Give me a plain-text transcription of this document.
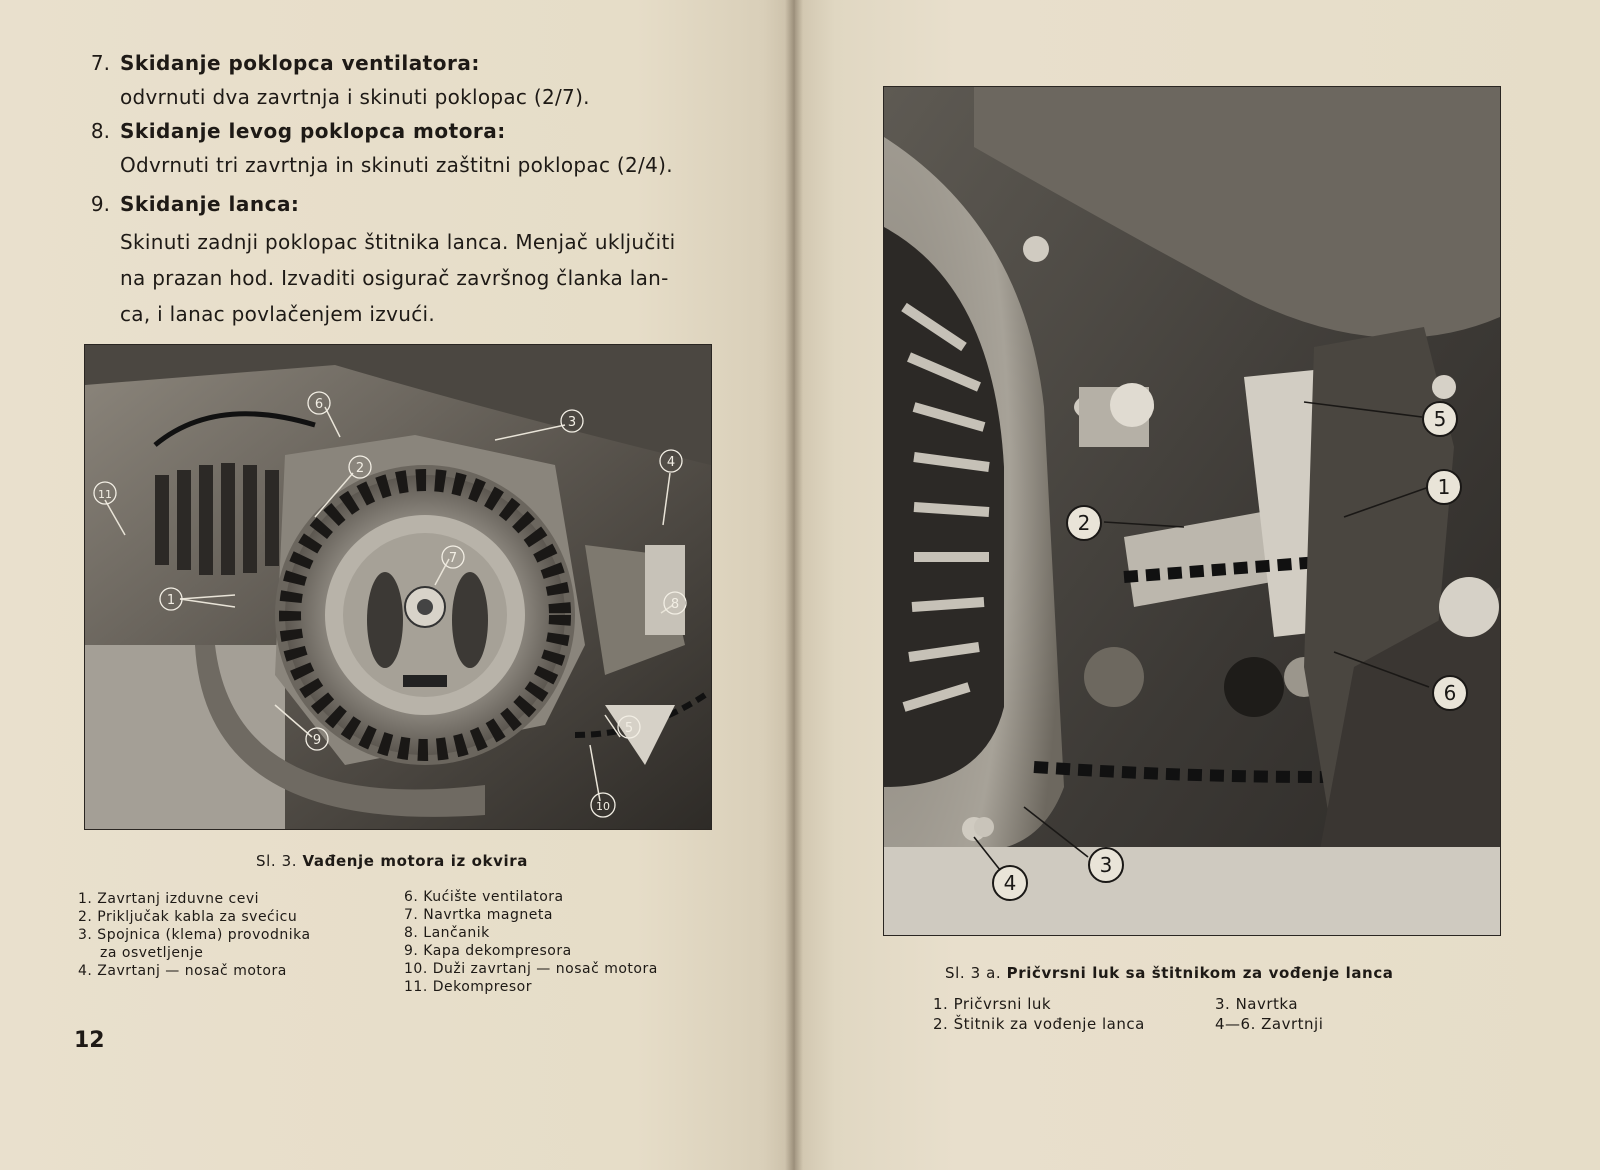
7. Skidanje poklopca ventilatora:
odvrnuti dva zavrtnja i skinuti poklopac (2/7).
8. Skidanje levog poklopca motora:
Odvrnuti tri zavrtnja in skinuti zaštitni poklopac (2/4).
9. Skidanje lanca:
Skinuti zadnji poklopac štitnika lanca. Menjač uključiti
na prazan hod. Izvaditi osigurač završnog članka lan-
ca, i lanac povlačenjem izvući.
1
2
3
4
5
6
7
8
9
10
11
Sl. 3. Vađenje motora iz okvira
1. Zavrtanj izduvne cevi
2. Priključak kabla za svećicu
3. Spojnica (klema) provodnika
za osvetljenje
4. Zavrtanj — nosač motora
6. Kućište ventilatora
7. Navrtka magneta
8. Lančanik
9. Kapa dekompresora
10. Duži zavrtanj — nosač motora
11. Dekompresor
12
1
2
3
4
5
6
Sl. 3 a. Pričvrsni luk sa štitnikom za vođenje lanca
1. Pričvrsni luk
2. Štitnik za vođenje lanca
3. Navrtka
4—6. Zavrtnji
